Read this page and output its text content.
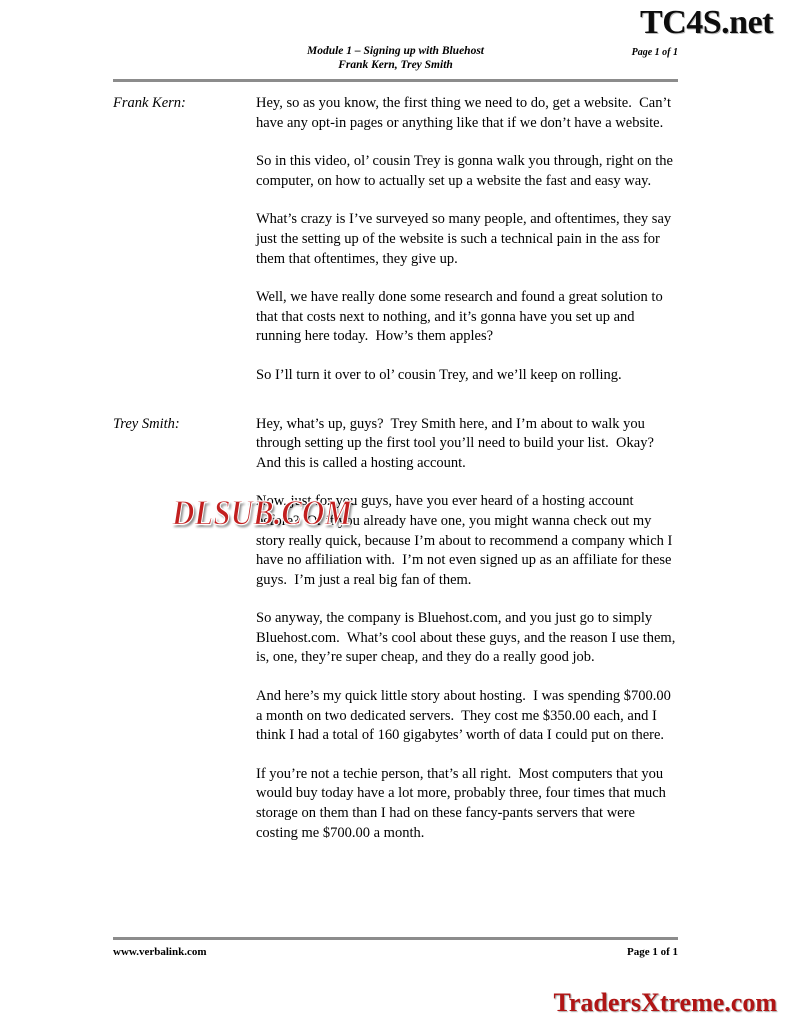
TC4S.net
Module 1 – Signing up with Bluehost
Frank Kern, Trey Smith
Page 1 of 1
Frank Kern:	Hey, so as you know, the first thing we need to do, get a website.  Can’t have any opt-in pages or anything like that if we don’t have a website.

So in this video, ol’ cousin Trey is gonna walk you through, right on the computer, on how to actually set up a website the fast and easy way.

What’s crazy is I’ve surveyed so many people, and oftentimes, they say just the setting up of the website is such a technical pain in the ass for them that oftentimes, they give up.

Well, we have really done some research and found a great solution to that that costs next to nothing, and it’s gonna have you set up and running here today.  How’s them apples?

So I’ll turn it over to ol’ cousin Trey, and we’ll keep on rolling.

Trey Smith:	Hey, what’s up, guys?  Trey Smith here, and I’m about to walk you through setting up the first tool you’ll need to build your list.  Okay?  And this is called a hosting account.

Now, just for you guys, have you ever heard of a hosting account before?  Or if you already have one, you might wanna check out my story really quick, because I’m about to recommend a company which I have no affiliation with.  I’m not even signed up as an affiliate for these guys.  I’m just a real big fan of them.

So anyway, the company is Bluehost.com, and you just go to simply Bluehost.com.  What’s cool about these guys, and the reason I use them, is, one, they’re super cheap, and they do a really good job.

And here’s my quick little story about hosting.  I was spending $700.00 a month on two dedicated servers.  They cost me $350.00 each, and I think I had a total of 160 gigabytes’ worth of data I could put on there.

If you’re not a techie person, that’s all right.  Most computers that you would buy today have a lot more, probably three, four times that much storage on them than I had on these fancy-pants servers that were costing me $700.00 a month.

DLSUB.COM
www.verbalink.com	Page 1 of 1
TradersXtreme.com
